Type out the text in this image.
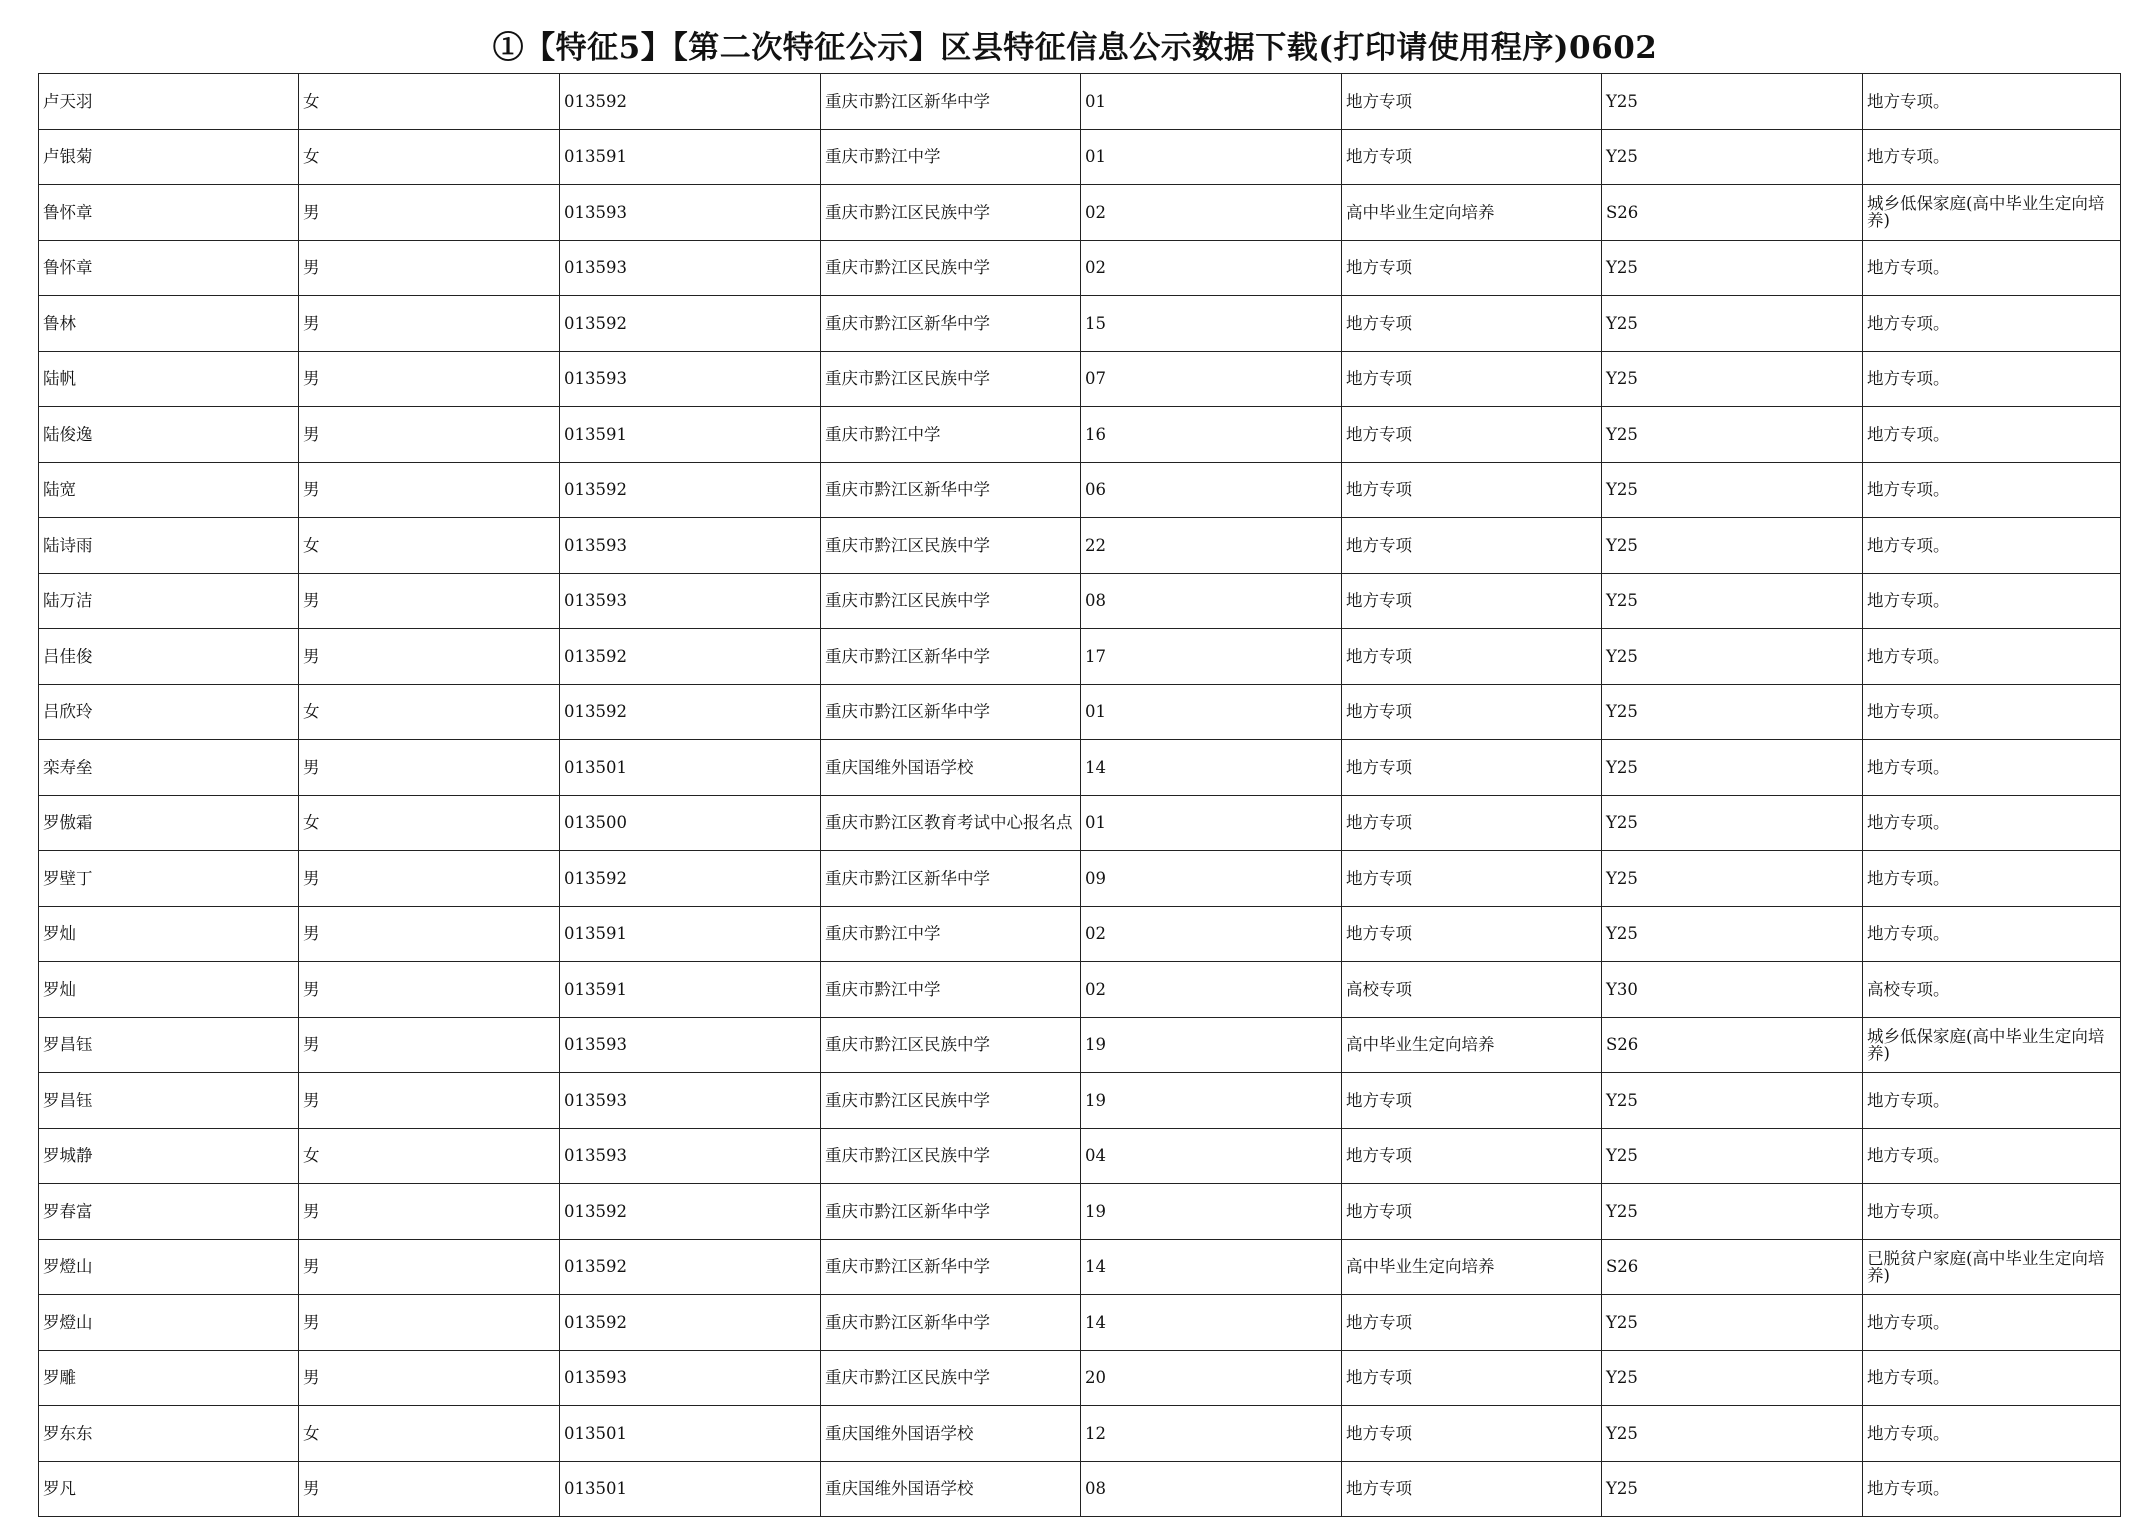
①【特征5】【第二次特征公示】区县特征信息公示数据下载(打印请使用程序)0602
卢天羽	女	013592	重庆市黔江区新华中学	01	地方专项	Y25	地方专项。
卢银菊	女	013591	重庆市黔江中学	01	地方专项	Y25	地方专项。
鲁怀章	男	013593	重庆市黔江区民族中学	02	高中毕业生定向培养	S26	城乡低保家庭(高中毕业生定向培养)
鲁怀章	男	013593	重庆市黔江区民族中学	02	地方专项	Y25	地方专项。
鲁林	男	013592	重庆市黔江区新华中学	15	地方专项	Y25	地方专项。
陆帆	男	013593	重庆市黔江区民族中学	07	地方专项	Y25	地方专项。
陆俊逸	男	013591	重庆市黔江中学	16	地方专项	Y25	地方专项。
陆宽	男	013592	重庆市黔江区新华中学	06	地方专项	Y25	地方专项。
陆诗雨	女	013593	重庆市黔江区民族中学	22	地方专项	Y25	地方专项。
陆万洁	男	013593	重庆市黔江区民族中学	08	地方专项	Y25	地方专项。
吕佳俊	男	013592	重庆市黔江区新华中学	17	地方专项	Y25	地方专项。
吕欣玲	女	013592	重庆市黔江区新华中学	01	地方专项	Y25	地方专项。
栾寿垒	男	013501	重庆国维外国语学校	14	地方专项	Y25	地方专项。
罗傲霜	女	013500	重庆市黔江区教育考试中心报名点	01	地方专项	Y25	地方专项。
罗壁丁	男	013592	重庆市黔江区新华中学	09	地方专项	Y25	地方专项。
罗灿	男	013591	重庆市黔江中学	02	地方专项	Y25	地方专项。
罗灿	男	013591	重庆市黔江中学	02	高校专项	Y30	高校专项。
罗昌钰	男	013593	重庆市黔江区民族中学	19	高中毕业生定向培养	S26	城乡低保家庭(高中毕业生定向培养)
罗昌钰	男	013593	重庆市黔江区民族中学	19	地方专项	Y25	地方专项。
罗城静	女	013593	重庆市黔江区民族中学	04	地方专项	Y25	地方专项。
罗春富	男	013592	重庆市黔江区新华中学	19	地方专项	Y25	地方专项。
罗燈山	男	013592	重庆市黔江区新华中学	14	高中毕业生定向培养	S26	已脱贫户家庭(高中毕业生定向培养)
罗燈山	男	013592	重庆市黔江区新华中学	14	地方专项	Y25	地方专项。
罗雕	男	013593	重庆市黔江区民族中学	20	地方专项	Y25	地方专项。
罗东东	女	013501	重庆国维外国语学校	12	地方专项	Y25	地方专项。
罗凡	男	013501	重庆国维外国语学校	08	地方专项	Y25	地方专项。
